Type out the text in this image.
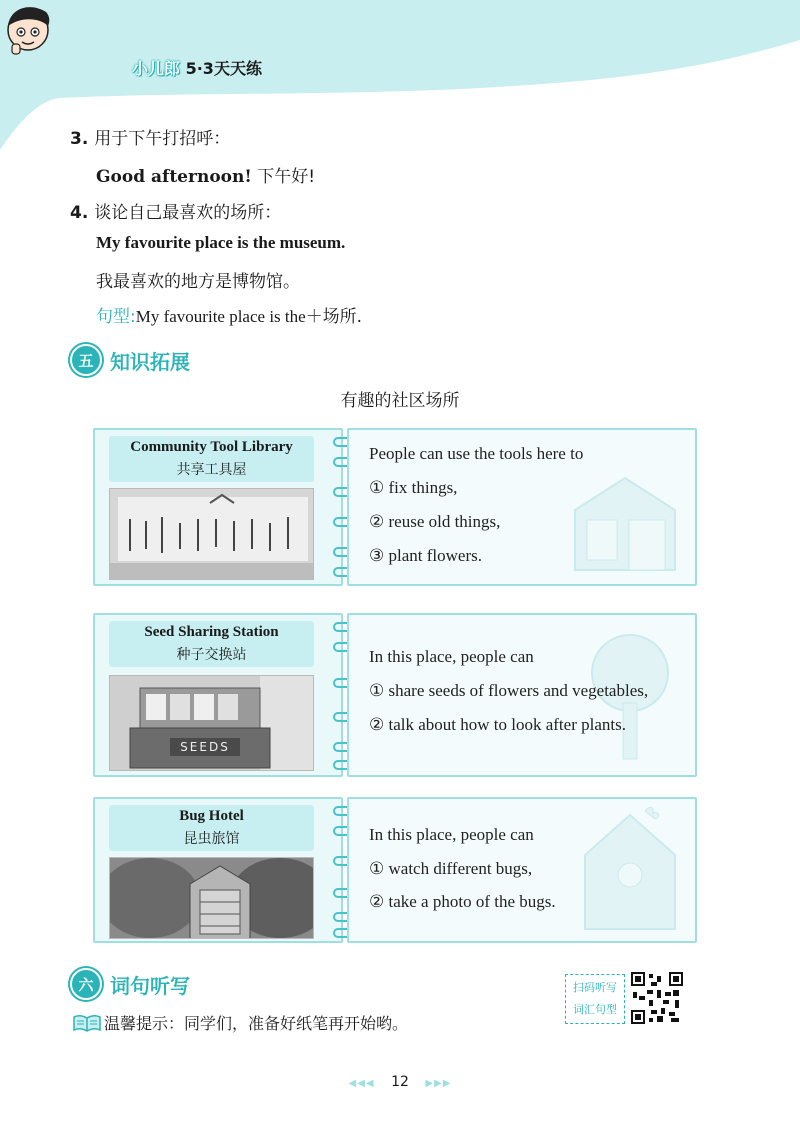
小儿郎 5·3天天练
3. 用于下午打招呼：
Good afternoon! 下午好!
4. 谈论自己最喜欢的场所：
My favourite place is the museum.
我最喜欢的地方是博物馆。
句型:My favourite place is the＋场所.
五 知识拓展
有趣的社区场所
Community Tool Library
共享工具屋
People can use the tools here to
① fix things,
② reuse old things,
③ plant flowers.
Seed Sharing Station
种子交换站
SEEDS
In this place, people can
① share seeds of flowers and vegetables,
② talk about how to look after plants.
Bug Hotel
昆虫旅馆	In this place, people can
① watch different bugs,
② take a photo of the bugs.
六 词句听写	扫码听写
词汇句型
温馨提示：同学们，准备好纸笔再开始哟。
◀◀◀ 12 ▶▶▶
